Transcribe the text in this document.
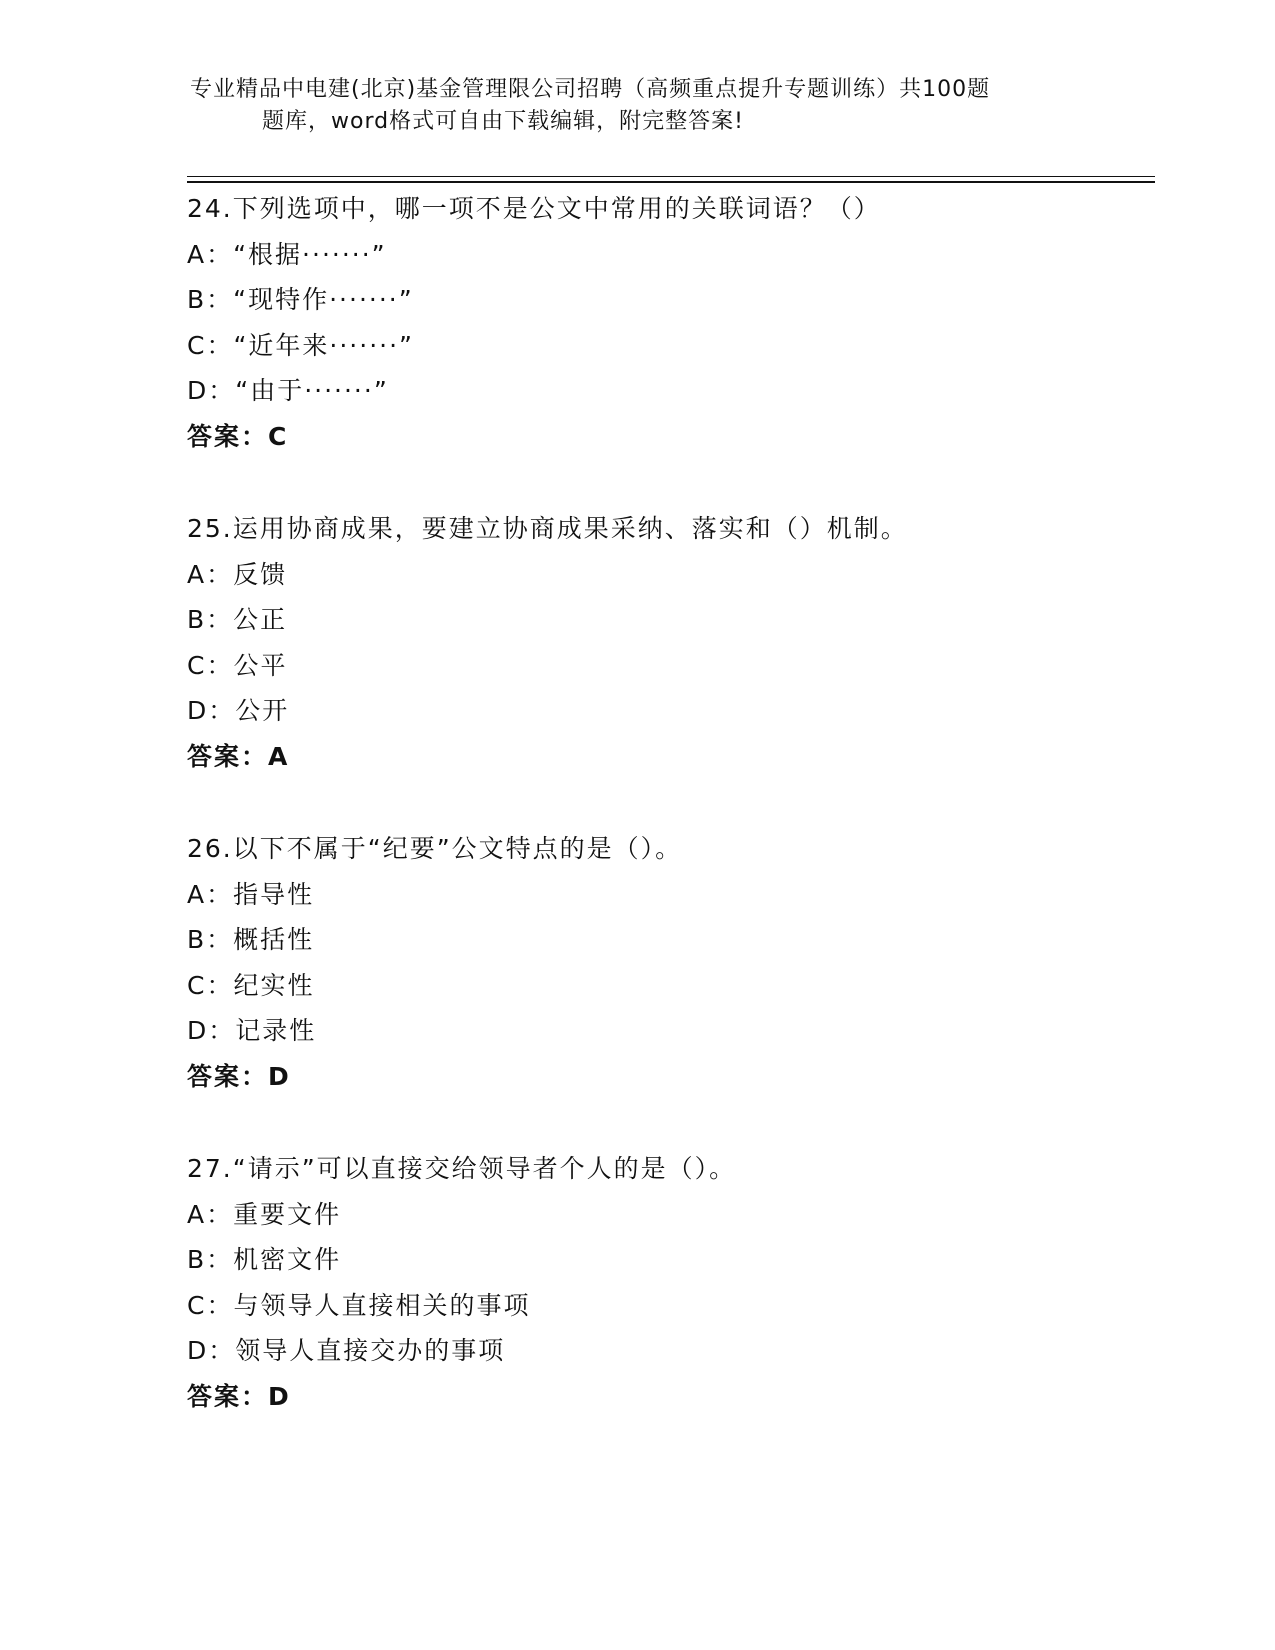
专业精品中电建(北京)基金管理限公司招聘（高频重点提升专题训练）共100题
题库，word格式可自由下载编辑，附完整答案!
24.下列选项中，哪一项不是公文中常用的关联词语？（）
A：“根据·······”
B：“现特作·······”
C：“近年来·······”
D：“由于·······”
答案：C
25.运用协商成果，要建立协商成果采纳、落实和（）机制。
A：反馈
B：公正
C：公平
D：公开
答案：A
26.以下不属于“纪要”公文特点的是（）。
A：指导性
B：概括性
C：纪实性
D：记录性
答案：D
27.“请示”可以直接交给领导者个人的是（）。
A：重要文件
B：机密文件
C：与领导人直接相关的事项
D：领导人直接交办的事项
答案：D
